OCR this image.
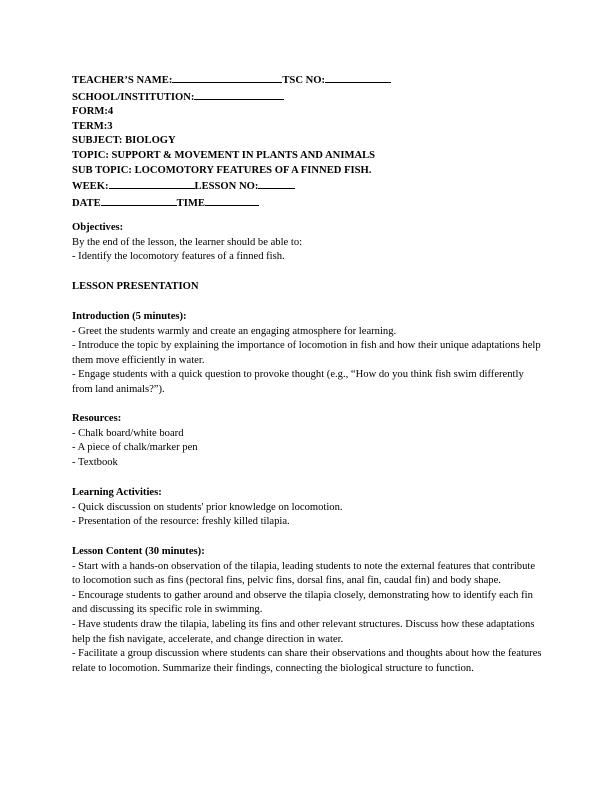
TEACHER’S NAME:	TSC NO:
SCHOOL/INSTITUTION:
FORM:4
TERM:3
SUBJECT: BIOLOGY
TOPIC: SUPPORT & MOVEMENT IN PLANTS AND ANIMALS
SUB TOPIC: LOCOMOTORY FEATURES OF A FINNED FISH.
WEEK:	LESSON NO:
DATE	TIME

Objectives:

By the end of the lesson, the learner should be able to:

- Identify the locomotory features of a finned fish.

LESSON PRESENTATION

Introduction (5 minutes):

- Greet the students warmly and create an engaging atmosphere for learning.

- Introduce the topic by explaining the importance of locomotion in fish and how their unique adaptations help them move efficiently in water.

- Engage students with a quick question to provoke thought (e.g., “How do you think fish swim differently from land animals?”).

Resources:

- Chalk board/white board

- A piece of chalk/marker pen

- Textbook

Learning Activities:

- Quick discussion on students' prior knowledge on locomotion.

- Presentation of the resource: freshly killed tilapia.

Lesson Content (30 minutes):

- Start with a hands-on observation of the tilapia, leading students to note the external features that contribute to locomotion such as fins (pectoral fins, pelvic fins, dorsal fins, anal fin, caudal fin) and body shape.

- Encourage students to gather around and observe the tilapia closely, demonstrating how to identify each fin and discussing its specific role in swimming.

- Have students draw the tilapia, labeling its fins and other relevant structures. Discuss how these adaptations help the fish navigate, accelerate, and change direction in water.

- Facilitate a group discussion where students can share their observations and thoughts about how the features relate to locomotion. Summarize their findings, connecting the biological structure to function.
